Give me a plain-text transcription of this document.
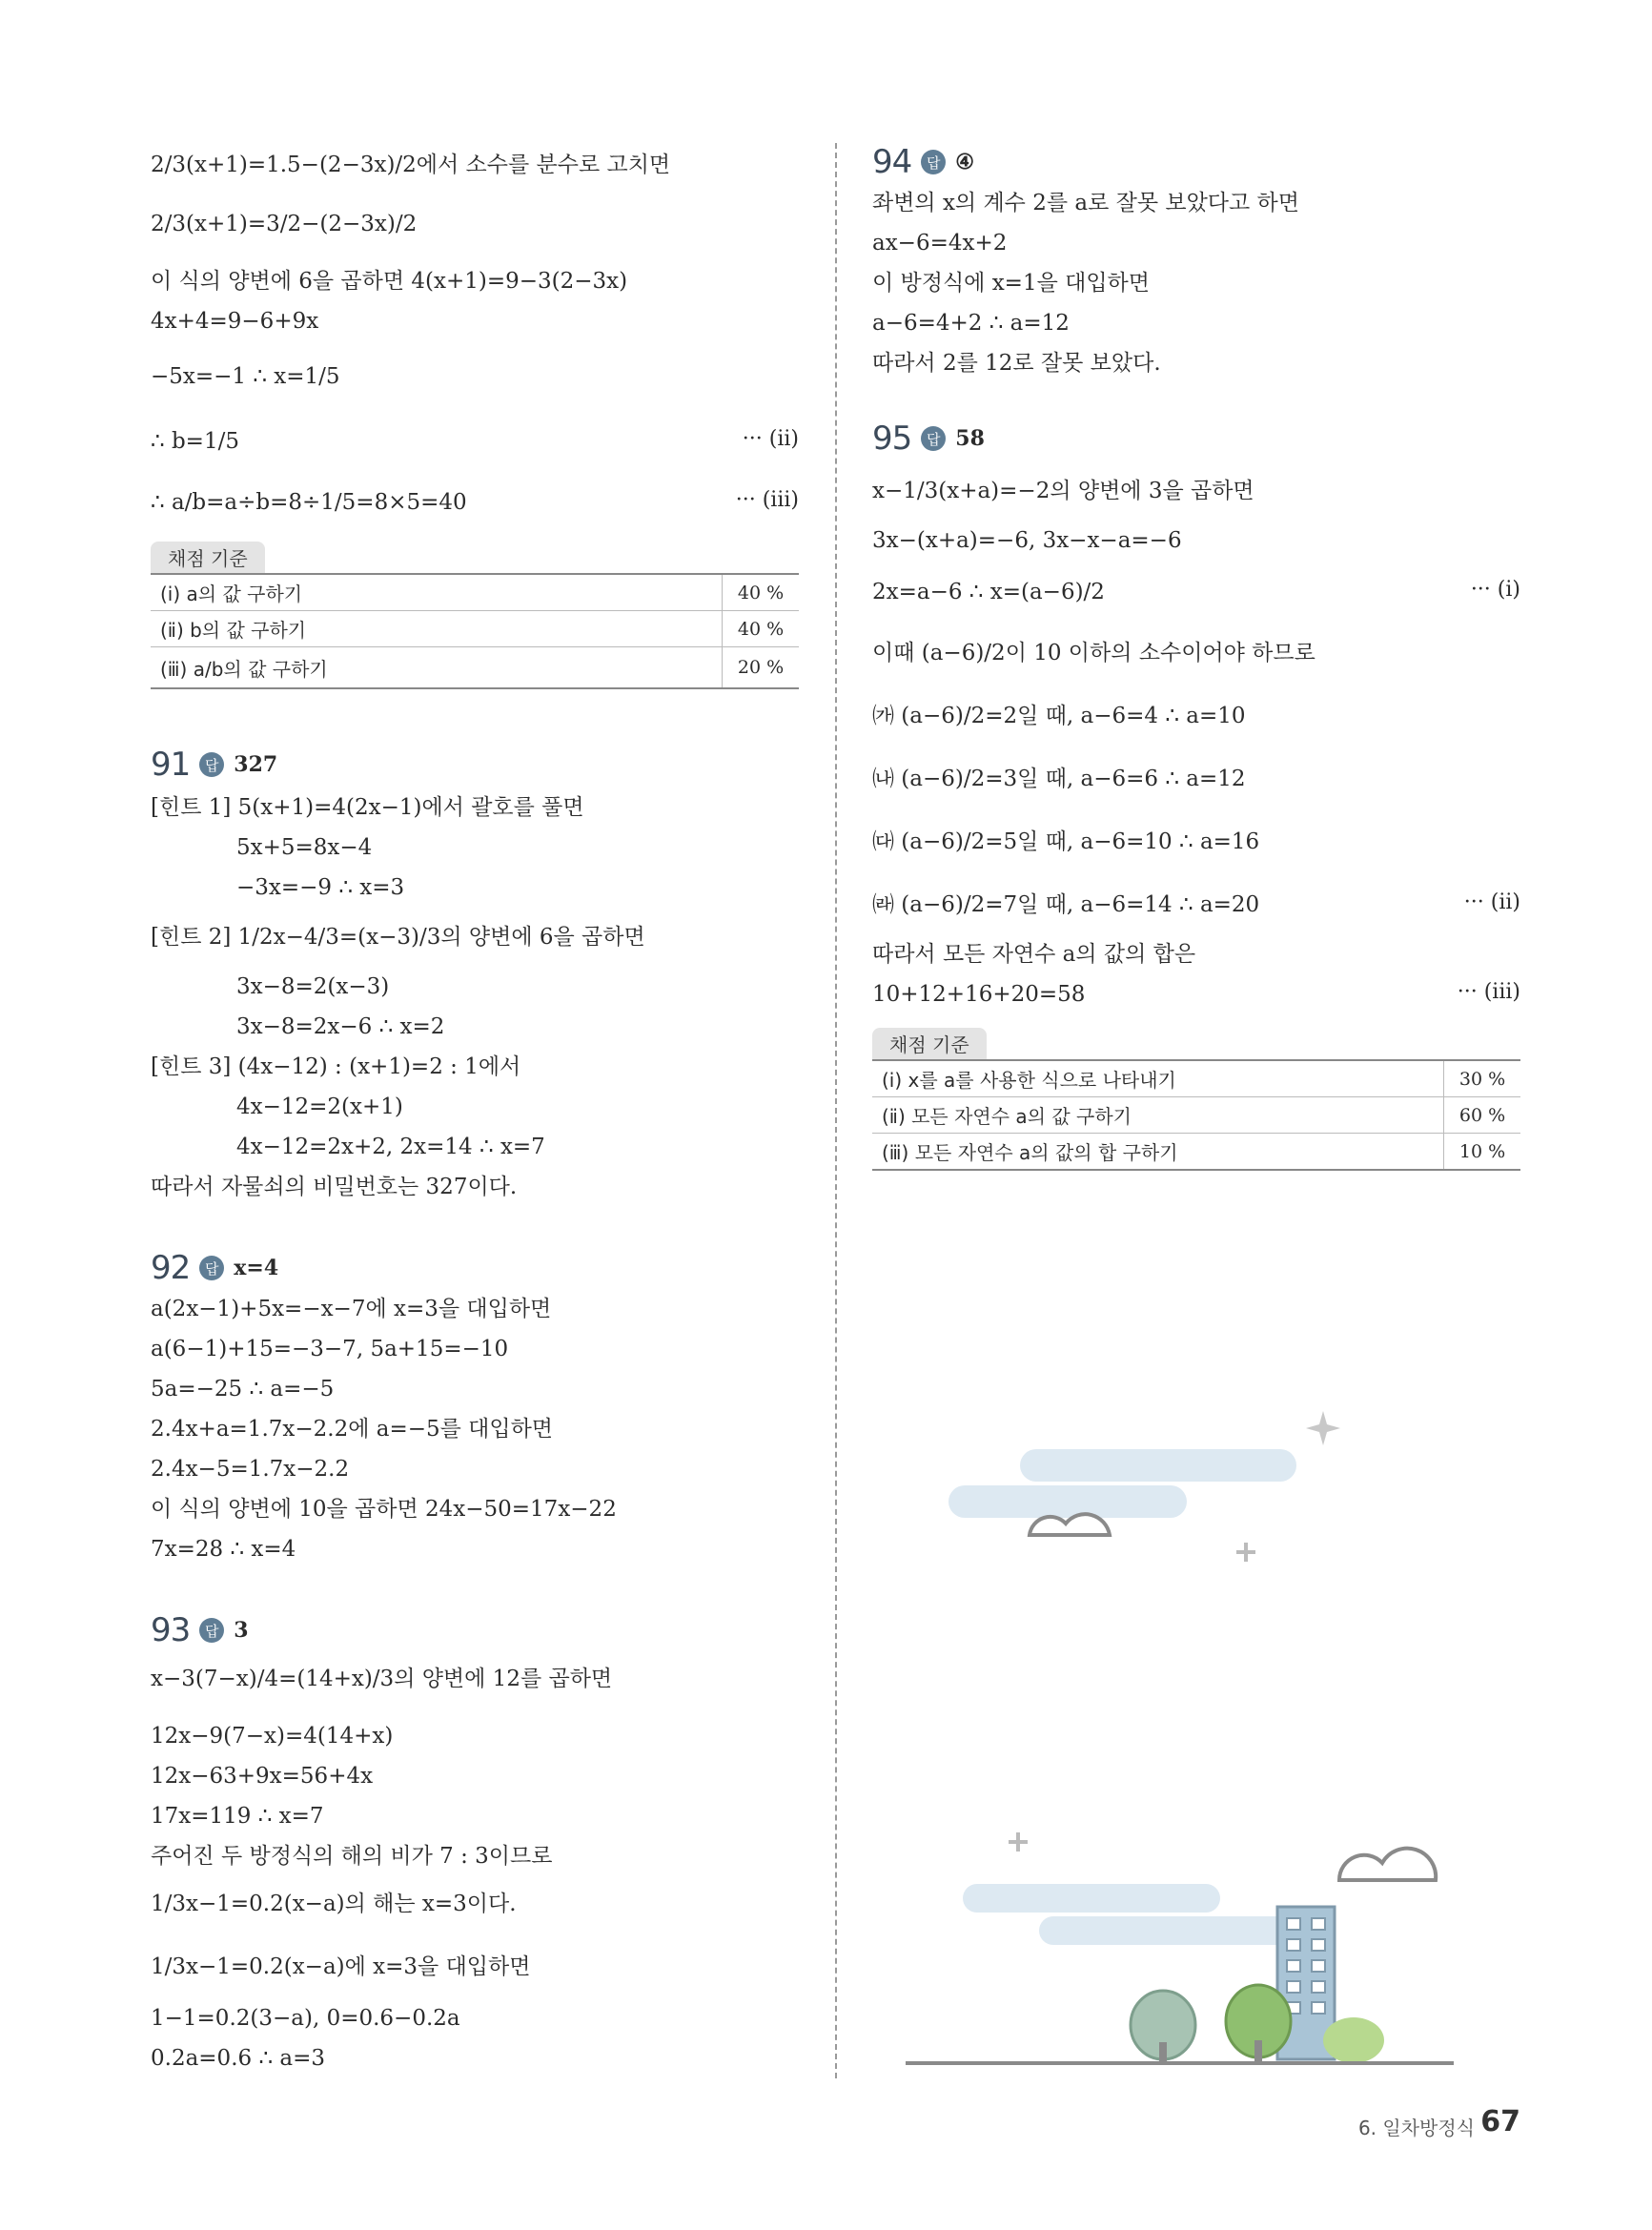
2/3(x+1)=1.5−(2−3x)/2에서 소수를 분수로 고치면
2/3(x+1)=3/2−(2−3x)/2
이 식의 양변에 6을 곱하면 4(x+1)=9−3(2−3x)
4x+4=9−6+9x
−5x=−1 ∴ x=1/5
∴ b=1/5	··· (ii)
∴ a/b=a÷b=8÷1/5=8×5=40	··· (iii)
채점 기준
(ⅰ) a의 값 구하기	40 %
(ⅱ) b의 값 구하기	40 %
(ⅲ) a/b의 값 구하기	20 %
91	답 327
[힌트 1] 5(x+1)=4(2x−1)에서 괄호를 풀면
5x+5=8x−4
−3x=−9 ∴ x=3
[힌트 2] 1/2x−4/3=(x−3)/3의 양변에 6을 곱하면
3x−8=2(x−3)
3x−8=2x−6 ∴ x=2
[힌트 3] (4x−12) : (x+1)=2 : 1에서
4x−12=2(x+1)
4x−12=2x+2, 2x=14 ∴ x=7
따라서 자물쇠의 비밀번호는 327이다.
92	답 x=4
a(2x−1)+5x=−x−7에 x=3을 대입하면
a(6−1)+15=−3−7, 5a+15=−10
5a=−25 ∴ a=−5
2.4x+a=1.7x−2.2에 a=−5를 대입하면
2.4x−5=1.7x−2.2
이 식의 양변에 10을 곱하면 24x−50=17x−22
7x=28 ∴ x=4
93	답 3
x−3(7−x)/4=(14+x)/3의 양변에 12를 곱하면
12x−9(7−x)=4(14+x)
12x−63+9x=56+4x
17x=119 ∴ x=7
주어진 두 방정식의 해의 비가 7 : 3이므로
1/3x−1=0.2(x−a)의 해는 x=3이다.
1/3x−1=0.2(x−a)에 x=3을 대입하면
1−1=0.2(3−a), 0=0.6−0.2a
0.2a=0.6 ∴ a=3
94	답 ④
좌변의 x의 계수 2를 a로 잘못 보았다고 하면
ax−6=4x+2
이 방정식에 x=1을 대입하면
a−6=4+2 ∴ a=12
따라서 2를 12로 잘못 보았다.
95	답 58
x−1/3(x+a)=−2의 양변에 3을 곱하면
3x−(x+a)=−6, 3x−x−a=−6
2x=a−6 ∴ x=(a−6)/2	··· (ⅰ)
이때 (a−6)/2이 10 이하의 소수이어야 하므로
㈎ (a−6)/2=2일 때, a−6=4 ∴ a=10
㈏ (a−6)/2=3일 때, a−6=6 ∴ a=12
㈐ (a−6)/2=5일 때, a−6=10 ∴ a=16
㈑ (a−6)/2=7일 때, a−6=14 ∴ a=20	··· (ii)
따라서 모든 자연수 a의 값의 합은
10+12+16+20=58	··· (iii)
채점 기준
(ⅰ) x를 a를 사용한 식으로 나타내기	30 %
(ⅱ) 모든 자연수 a의 값 구하기	60 %
(ⅲ) 모든 자연수 a의 값의 합 구하기	10 %
6. 일차방정식 67
